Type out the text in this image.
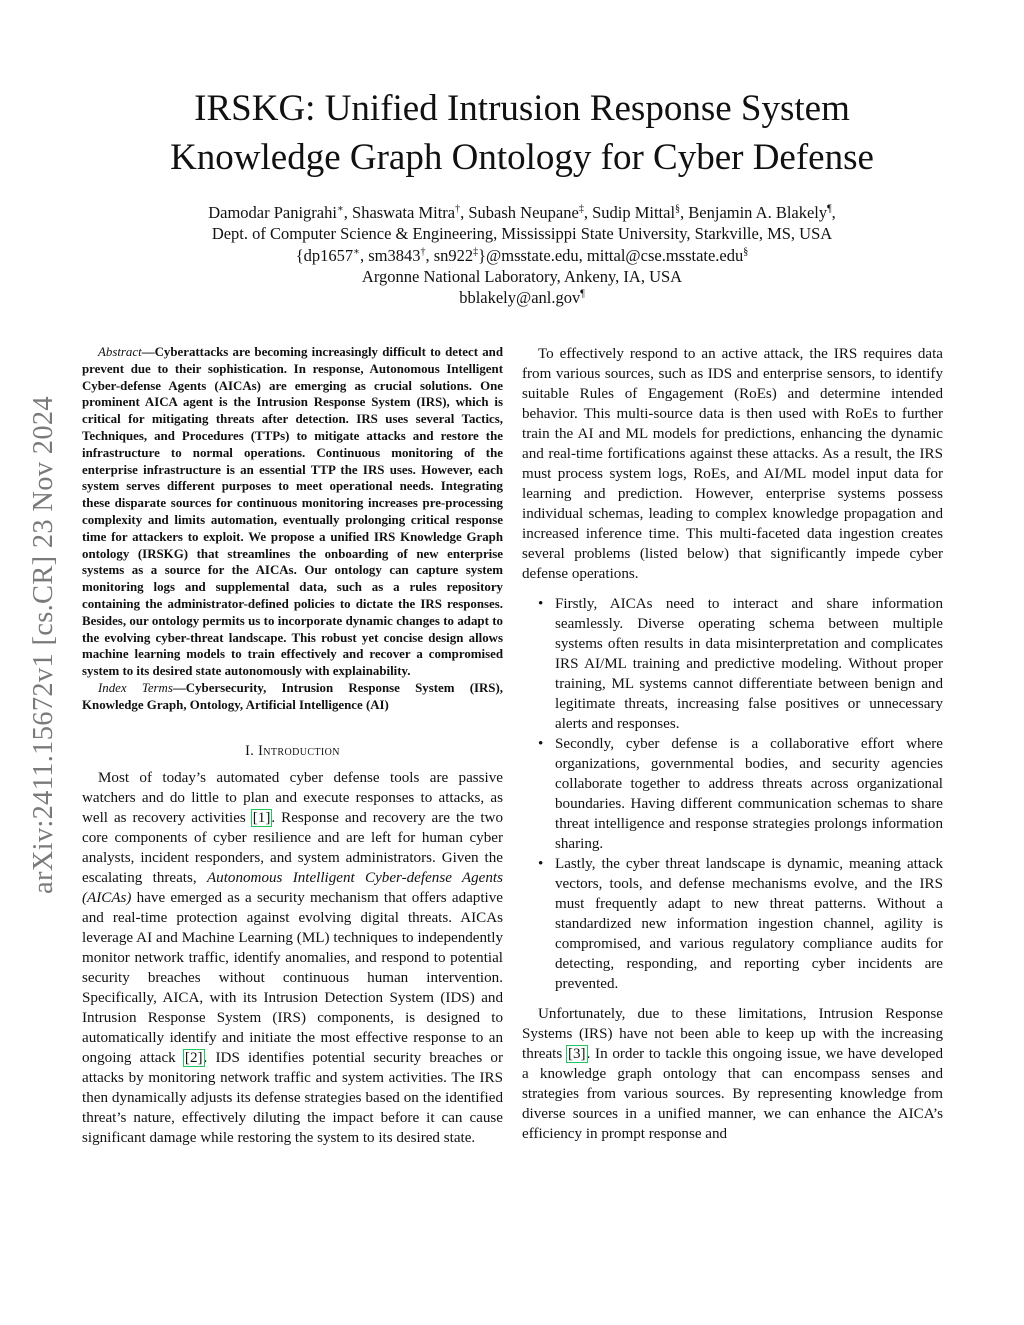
arXiv:2411.15672v1 [cs.CR] 23 Nov 2024
IRSKG: Unified Intrusion Response System
Knowledge Graph Ontology for Cyber Defense
Damodar Panigrahi∗, Shaswata Mitra†, Subash Neupane‡, Sudip Mittal§, Benjamin A. Blakely¶,
Dept. of Computer Science & Engineering, Mississippi State University, Starkville, MS, USA
{dp1657∗, sm3843†, sn922‡}@msstate.edu, mittal@cse.msstate.edu§
Argonne National Laboratory, Ankeny, IA, USA
bblakely@anl.gov¶

Abstract—Cyberattacks are becoming increasingly difficult to detect and prevent due to their sophistication. In response, Autonomous Intelligent Cyber-defense Agents (AICAs) are emerging as crucial solutions. One prominent AICA agent is the Intrusion Response System (IRS), which is critical for mitigating threats after detection. IRS uses several Tactics, Techniques, and Procedures (TTPs) to mitigate attacks and restore the infrastructure to normal operations. Continuous monitoring of the enterprise infrastructure is an essential TTP the IRS uses. However, each system serves different purposes to meet operational needs. Integrating these disparate sources for continuous monitoring increases pre-processing complexity and limits automation, eventually prolonging critical response time for attackers to exploit. We propose a unified IRS Knowledge Graph ontology (IRSKG) that streamlines the onboarding of new enterprise systems as a source for the AICAs. Our ontology can capture system monitoring logs and supplemental data, such as a rules repository containing the administrator-defined policies to dictate the IRS responses. Besides, our ontology permits us to incorporate dynamic changes to adapt to the evolving cyber-threat landscape. This robust yet concise design allows machine learning models to train effectively and recover a compromised system to its desired state autonomously with explainability.

Index Terms—Cybersecurity, Intrusion Response System (IRS), Knowledge Graph, Ontology, Artificial Intelligence (AI)

I. Introduction

Most of today’s automated cyber defense tools are passive watchers and do little to plan and execute responses to attacks, as well as recovery activities [1]. Response and recovery are the two core components of cyber resilience and are left for human cyber analysts, incident responders, and system administrators. Given the escalating threats, Autonomous Intelligent Cyber-defense Agents (AICAs) have emerged as a security mechanism that offers adaptive and real-time protection against evolving digital threats. AICAs leverage AI and Machine Learning (ML) techniques to independently monitor network traffic, identify anomalies, and respond to potential security breaches without continuous human intervention. Specifically, AICA, with its Intrusion Detection System (IDS) and Intrusion Response System (IRS) components, is designed to automatically identify and initiate the most effective response to an ongoing attack [2]. IDS identifies potential security breaches or attacks by monitoring network traffic and system activities. The IRS then dynamically adjusts its defense strategies based on the identified threat’s nature, effectively diluting the impact before it can cause significant damage while restoring the system to its desired state.

To effectively respond to an active attack, the IRS requires data from various sources, such as IDS and enterprise sensors, to identify suitable Rules of Engagement (RoEs) and determine intended behavior. This multi-source data is then used with RoEs to further train the AI and ML models for predictions, enhancing the dynamic and real-time fortifications against these attacks. As a result, the IRS must process system logs, RoEs, and AI/ML model input data for learning and prediction. However, enterprise systems possess individual schemas, leading to complex knowledge propagation and increased inference time. This multi-faceted data ingestion creates several problems (listed below) that significantly impede cyber defense operations.

• Firstly, AICAs need to interact and share information seamlessly. Diverse operating schema between multiple systems often results in data misinterpretation and complicates IRS AI/ML training and predictive modeling. Without proper training, ML systems cannot differentiate between benign and legitimate threats, increasing false positives or unnecessary alerts and responses.
• Secondly, cyber defense is a collaborative effort where organizations, governmental bodies, and security agencies collaborate together to address threats across organizational boundaries. Having different communication schemas to share threat intelligence and response strategies prolongs information sharing.
• Lastly, the cyber threat landscape is dynamic, meaning attack vectors, tools, and defense mechanisms evolve, and the IRS must frequently adapt to new threat patterns. Without a standardized new information ingestion channel, agility is compromised, and various regulatory compliance audits for detecting, responding, and reporting cyber incidents are prevented.

Unfortunately, due to these limitations, Intrusion Response Systems (IRS) have not been able to keep up with the increasing threats [3]. In order to tackle this ongoing issue, we have developed a knowledge graph ontology that can encompass senses and strategies from various sources. By representing knowledge from diverse sources in a unified manner, we can enhance the AICA’s efficiency in prompt response and
